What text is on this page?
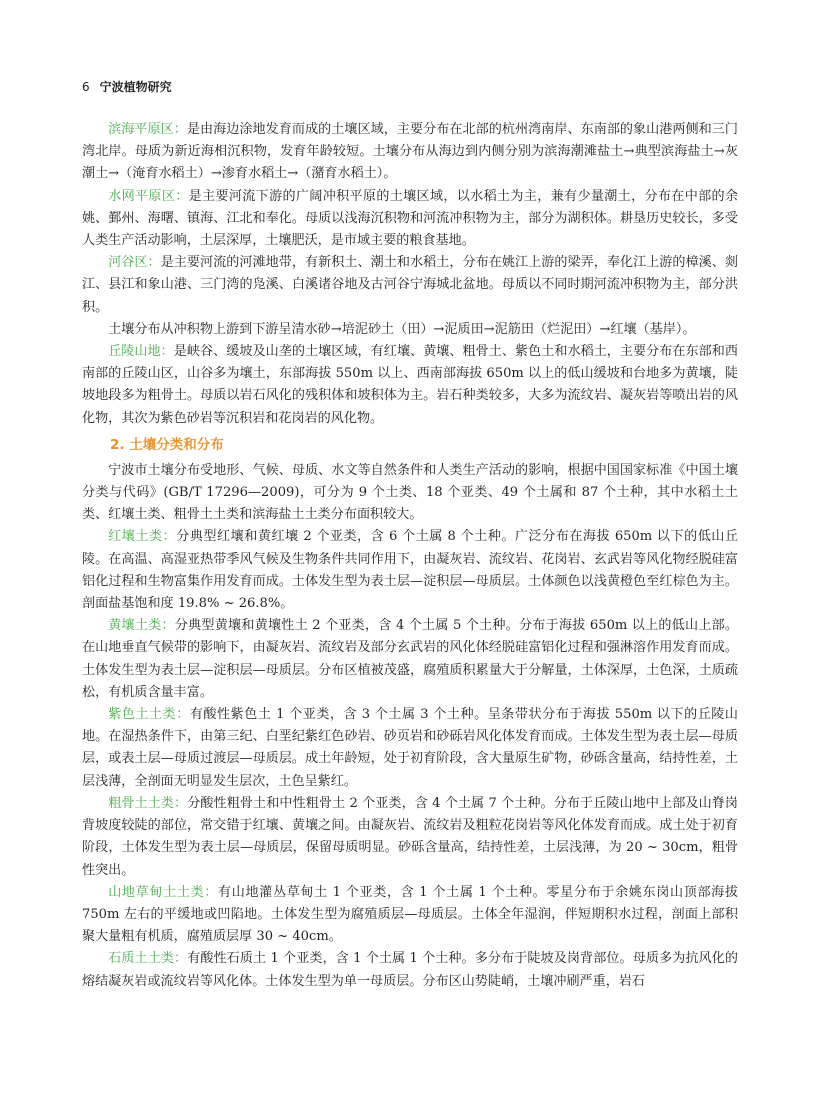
6 宁波植物研究

滨海平原区：是由海边涂地发育而成的土壤区域，主要分布在北部的杭州湾南岸、东南部的象山港两侧和三门湾北岸。母质为新近海相沉积物，发育年龄较短。土壤分布从海边到内侧分别为滨海潮滩盐土→典型滨海盐土→灰潮土→（淹育水稻土）→渗育水稻土→（潴育水稻土）。

水网平原区：是主要河流下游的广阔冲积平原的土壤区域，以水稻土为主，兼有少量潮土，分布在中部的余姚、鄞州、海曙、镇海、江北和奉化。母质以浅海沉积物和河流冲积物为主，部分为湖积体。耕垦历史较长，多受人类生产活动影响，土层深厚，土壤肥沃，是市域主要的粮食基地。

河谷区：是主要河流的河滩地带，有新积土、潮土和水稻土，分布在姚江上游的梁弄，奉化江上游的樟溪、剡江、县江和象山港、三门湾的凫溪、白溪诸谷地及古河谷宁海城北盆地。母质以不同时期河流冲积物为主，部分洪积。

土壤分布从冲积物上游到下游呈清水砂→培泥砂土（田）→泥质田→泥筋田（烂泥田）→红壤（基岸）。

丘陵山地：是峡谷、缓坡及山垄的土壤区域，有红壤、黄壤、粗骨土、紫色土和水稻土，主要分布在东部和西南部的丘陵山区，山谷多为壤土，东部海拔 550m 以上、西南部海拔 650m 以上的低山缓坡和台地多为黄壤，陡坡地段多为粗骨土。母质以岩石风化的残积体和坡积体为主。岩石种类较多，大多为流纹岩、凝灰岩等喷出岩的风化物，其次为紫色砂岩等沉积岩和花岗岩的风化物。

2. 土壤分类和分布

宁波市土壤分布受地形、气候、母质、水文等自然条件和人类生产活动的影响，根据中国国家标准《中国土壤分类与代码》(GB/T 17296—2009)，可分为 9 个土类、18 个亚类、49 个土属和 87 个土种，其中水稻土土类、红壤土类、粗骨土土类和滨海盐土土类分布面积较大。

红壤土类：分典型红壤和黄红壤 2 个亚类，含 6 个土属 8 个土种。广泛分布在海拔 650m 以下的低山丘陵。在高温、高湿亚热带季风气候及生物条件共同作用下，由凝灰岩、流纹岩、花岗岩、玄武岩等风化物经脱硅富铝化过程和生物富集作用发育而成。土体发生型为表土层—淀积层—母质层。土体颜色以浅黄橙色至红棕色为主。剖面盐基饱和度 19.8% ~ 26.8%。

黄壤土类：分典型黄壤和黄壤性土 2 个亚类，含 4 个土属 5 个土种。分布于海拔 650m 以上的低山上部。在山地垂直气候带的影响下，由凝灰岩、流纹岩及部分玄武岩的风化体经脱硅富铝化过程和强淋溶作用发育而成。土体发生型为表土层—淀积层—母质层。分布区植被茂盛，腐殖质积累量大于分解量，土体深厚，土色深，土质疏松，有机质含量丰富。

紫色土土类：有酸性紫色土 1 个亚类，含 3 个土属 3 个土种。呈条带状分布于海拔 550m 以下的丘陵山地。在湿热条件下，由第三纪、白垩纪紫红色砂岩、砂页岩和砂砾岩风化体发育而成。土体发生型为表土层—母质层，或表土层—母质过渡层—母质层。成土年龄短，处于初育阶段，含大量原生矿物，砂砾含量高，结持性差，土层浅薄，全剖面无明显发生层次，土色呈紫红。

粗骨土土类：分酸性粗骨土和中性粗骨土 2 个亚类，含 4 个土属 7 个土种。分布于丘陵山地中上部及山脊岗背坡度较陡的部位，常交错于红壤、黄壤之间。由凝灰岩、流纹岩及粗粒花岗岩等风化体发育而成。成土处于初育阶段，土体发生型为表土层—母质层，保留母质明显。砂砾含量高，结持性差，土层浅薄，为 20 ~ 30cm，粗骨性突出。

山地草甸土土类：有山地灌丛草甸土 1 个亚类，含 1 个土属 1 个土种。零星分布于余姚东岗山顶部海拔 750m 左右的平缓地或凹陷地。土体发生型为腐殖质层—母质层。土体全年湿润，伴短期积水过程，剖面上部积聚大量粗有机质，腐殖质层厚 30 ~ 40cm。

石质土土类：有酸性石质土 1 个亚类，含 1 个土属 1 个土种。多分布于陡坡及岗背部位。母质多为抗风化的熔结凝灰岩或流纹岩等风化体。土体发生型为单一母质层。分布区山势陡峭，土壤冲刷严重，岩石
